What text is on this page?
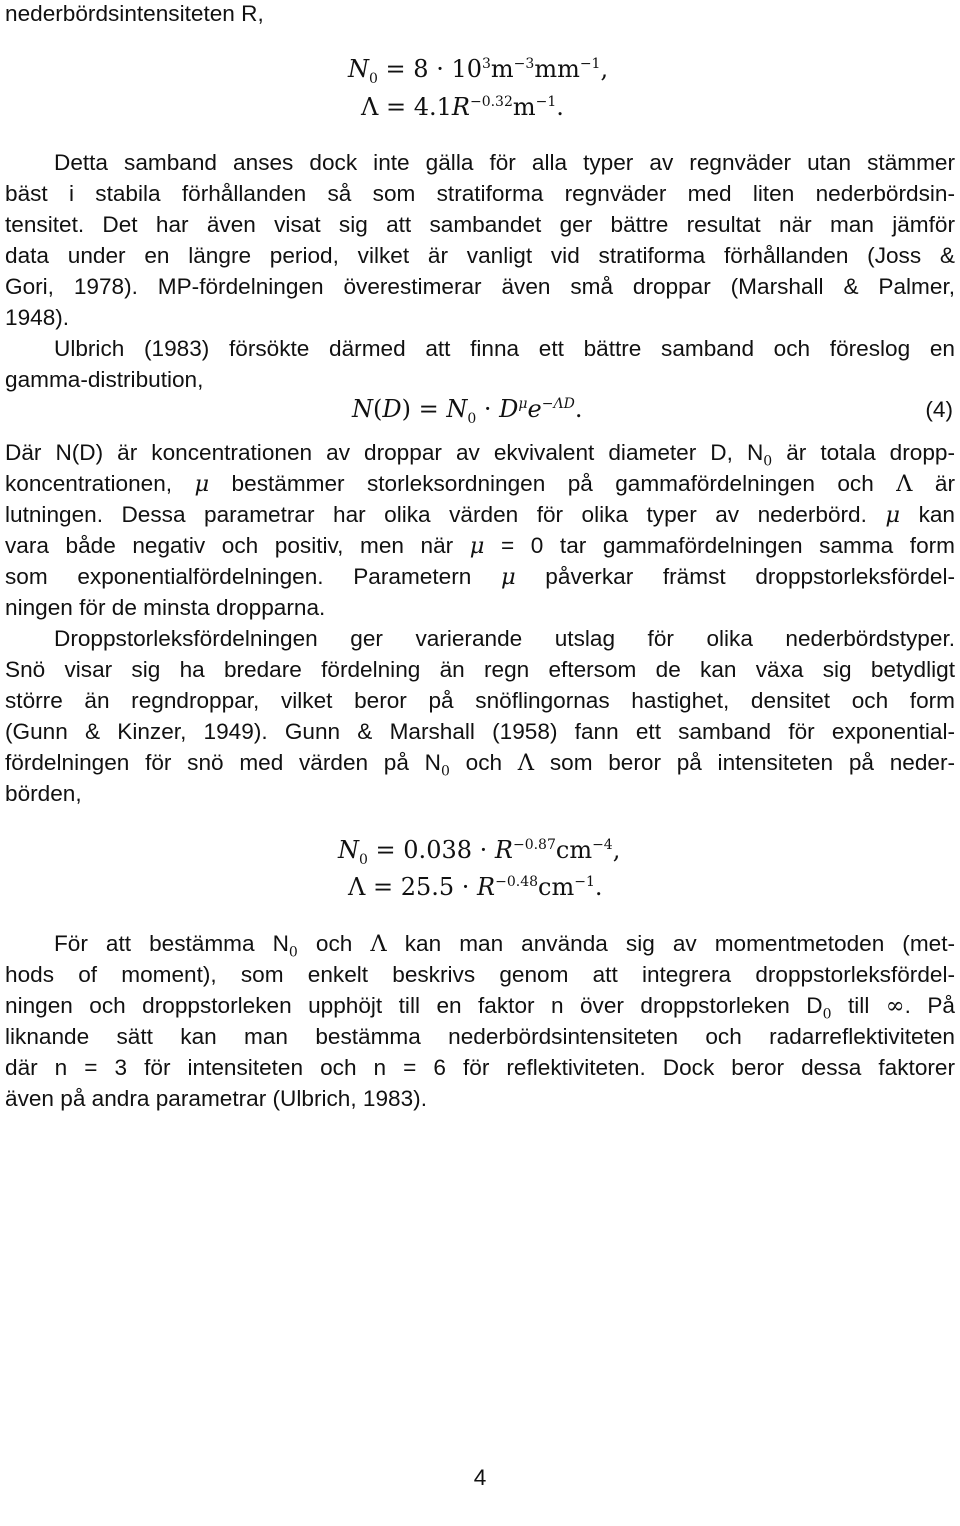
nederbördsintensiteten R,
$N_0 = 8 \cdot 10^3m^{-3}mm^{-1}$,
$\Lambda = 4.1R^{-0.32}m^{-1}$.
Detta samband anses dock inte gälla för alla typer av regnväder utan stämmer
bäst i stabila förhållanden så som stratiforma regnväder med liten nederbördsin-
tensitet. Det har även visat sig att sambandet ger bättre resultat när man jämför
data under en längre period, vilket är vanligt vid stratiforma förhållanden (Joss &
Gori, 1978). MP-fördelningen överestimerar även små droppar (Marshall & Palmer,
1948).
Ulbrich (1983) försökte därmed att finna ett bättre samband och föreslog en
gamma-distribution,
$N(D) = N_0 \cdot D^\mu e^{-\Lambda D}$.	(4)
Där N(D) är koncentrationen av droppar av ekvivalent diameter D, $N_0$ är totala dropp-
koncentrationen, μ bestämmer storleksordningen på gammafördelningen och Λ är
lutningen. Dessa parametrar har olika värden för olika typer av nederbörd. μ kan
vara både negativ och positiv, men när μ = 0 tar gammafördelningen samma form
som exponentialfördelningen. Parametern μ påverkar främst droppstorleksfördel-
ningen för de minsta dropparna.
Droppstorleksfördelningen ger varierande utslag för olika nederbördstyper.
Snö visar sig ha bredare fördelning än regn eftersom de kan växa sig betydligt
större än regndroppar, vilket beror på snöflingornas hastighet, densitet och form
(Gunn & Kinzer, 1949). Gunn & Marshall (1958) fann ett samband för exponential-
fördelningen för snö med värden på $N_0$ och Λ som beror på intensiteten på neder-
börden,
$N_0 = 0.038 \cdot R^{-0.87}cm^{-4}$,
$\Lambda = 25.5 \cdot R^{-0.48}cm^{-1}$.
För att bestämma $N_0$ och Λ kan man använda sig av momentmetoden (met-
hods of moment), som enkelt beskrivs genom att integrera droppstorleksfördel-
ningen och droppstorleken upphöjt till en faktor n över droppstorleken $D_0$ till ∞. På
liknande sätt kan man bestämma nederbördsintensiteten och radarreflektiviteten
där n = 3 för intensiteten och n = 6 för reflektiviteten. Dock beror dessa faktorer
även på andra parametrar (Ulbrich, 1983).
4
